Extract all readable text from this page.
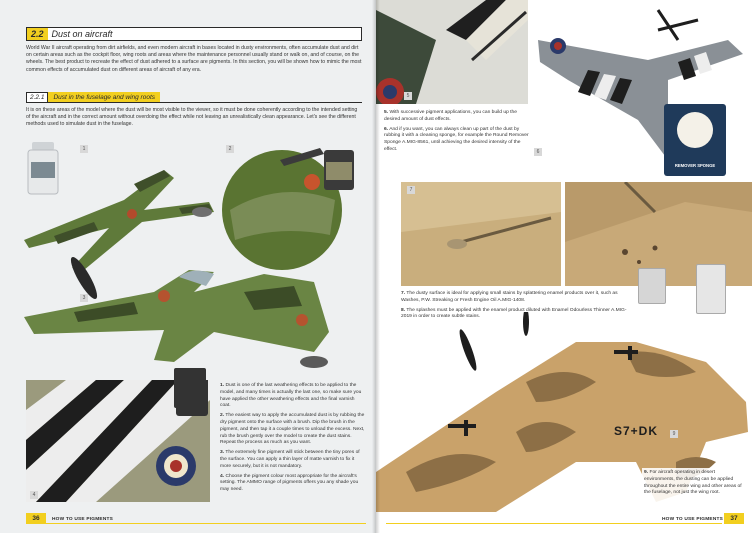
2.2 Dust on aircraft

World War II aircraft operating from dirt airfields, and even modern aircraft in bases located in dusty environments, often accumulate dust and dirt on certain areas such as the cockpit floor, wing roots and areas where the maintenance personnel usually stand or walk on, and of course, on the wheels. The best product to recreate the effect of dust adhered to a surface are pigments. In this section, you will be shown how to mimic the most common effects of accumulated dust on different areas of aircraft of any era.

2.2.1	Dust in the fuselage and wing roots

It is on these areas of the model where the dust will be most visible to the viewer, so it must be done coherently according to the intended setting of the aircraft and in the correct amount without overdoing the effect while not leaving an unrealistically clean appearance. Let's see the different methods used to simulate dust in the fuselage.

1	2
3
4

1. Dust is one of the last weathering effects to be applied to the model, and many times is actually the last one, so make sure you have applied the other weathering effects and the final varnish coat.

2. The easiest way to apply the accumulated dust is by rubbing the dry pigment onto the surface with a brush. Dip the brush in the pigment, and then tap it a couple times to unload the excess. Next, rub the brush gently over the model to create the dust stains. Repeat the process as much as you want.

3. The extremely fine pigment will stick between the tiny pores of the surface. You can apply a thin layer of matte varnish to fix it more securely, but it is not mandatory.

4. Choose the pigment colour most appropriate for the aircraft's setting. The AMMO range of pigments offers you any shade you may need.

36	HOW TO USE PIGMENTS
5

5. With successive pigment applications, you can build up the desired amount of dust effects.

6. And if you want, you can always clean up part of the dust by rubbing it with a cleaning sponge, for example the Round Remover Sponge A.MIG-8561, until achieving the desired intensity of the effect.	6
REMOVER SPONGE
7

7. The dusty surface is ideal for applying small stains by splattering enamel products over it, such as Washes, P.W. Streaking or Fresh Engine Oil A.MIG-1408.

8. The splashes must be applied with the enamel product diluted with Enamel Odourless Thinner A.MIG-2019 in order to create subtle stains.

S7+DK	9

9. For aircraft operating in desert environments, the dusting can be applied throughout the entire wing and other areas of the fuselage, not just the wing root.

HOW TO USE PIGMENTS	37
